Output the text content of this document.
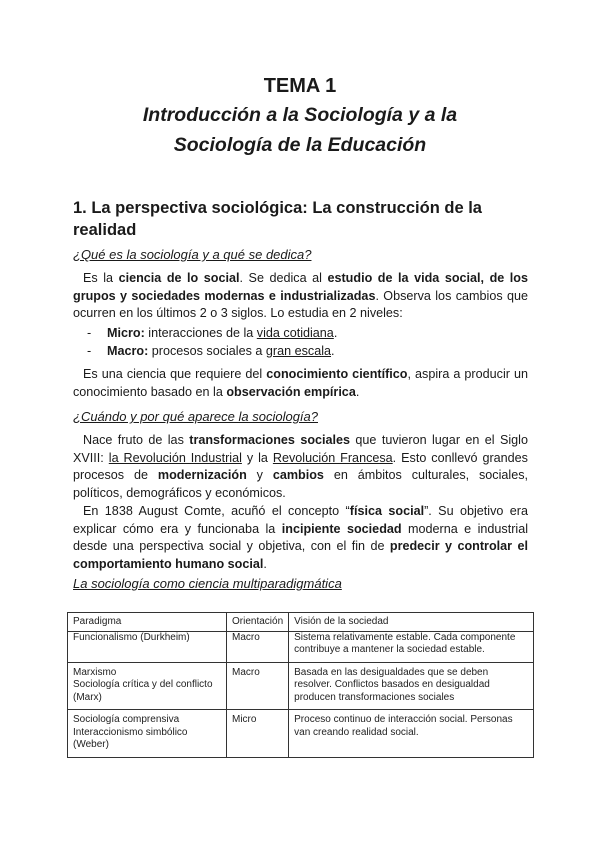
TEMA 1
Introducción a la Sociología y a la
Sociología de la Educación
1. La perspectiva sociológica: La construcción de la realidad
¿Qué es la sociología y a qué se dedica?
Es la ciencia de lo social. Se dedica al estudio de la vida social, de los grupos y sociedades modernas e industrializadas. Observa los cambios que ocurren en los últimos 2 o 3 siglos. Lo estudia en 2 niveles:
- Micro: interacciones de la vida cotidiana.
- Macro: procesos sociales a gran escala.
Es una ciencia que requiere del conocimiento científico, aspira a producir un conocimiento basado en la observación empírica.
¿Cuándo y por qué aparece la sociología?
Nace fruto de las transformaciones sociales que tuvieron lugar en el Siglo XVIII: la Revolución Industrial y la Revolución Francesa. Esto conllevó grandes procesos de modernización y cambios en ámbitos culturales, sociales, políticos, demográficos y económicos.
En 1838 August Comte, acuñó el concepto “física social”. Su objetivo era explicar cómo era y funcionaba la incipiente sociedad moderna e industrial desde una perspectiva social y objetiva, con el fin de predecir y controlar el comportamiento humano social.
La sociología como ciencia multiparadigmática
Paradigma	Orientación	Visión de la sociedad

Funcionalismo (Durkheim)	Macro	Sistema relativamente estable. Cada componente
contribuye a mantener la sociedad estable.

Marxismo
Sociología crítica y del conflicto
(Marx)	Macro	Basada en las desigualdades que se deben
resolver. Conflictos basados en desigualdad
producen transformaciones sociales

Sociología comprensiva
Interaccionismo simbólico
(Weber)	Micro	Proceso continuo de interacción social. Personas
van creando realidad social.
